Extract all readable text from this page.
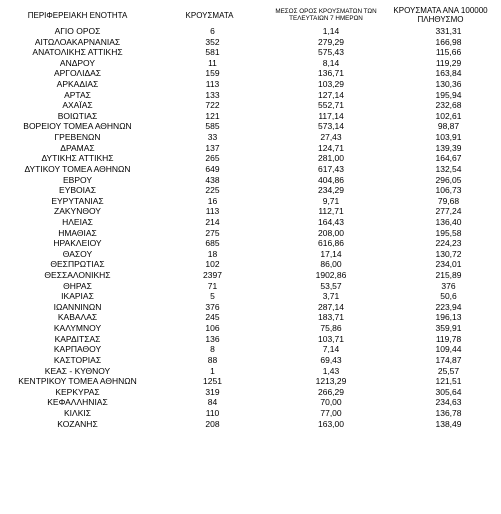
ΠΕΡΙΦΕΡΕΙΑΚΗ ΕΝΟΤΗΤΑ	ΚΡΟΥΣΜΑΤΑ	ΜΕΣΟΣ ΟΡΟΣ ΚΡΟΥΣΜΑΤΩΝ ΤΩΝ ΤΕΛΕΥΤΑΙΩΝ 7 ΗΜΕΡΩΝ	ΚΡΟΥΣΜΑΤΑ ΑΝΑ 100000 ΠΛΗΘΥΣΜΟ
ΑΓΙΟ ΟΡΟΣ	6	1,14	331,31
ΑΙΤΩΛΟΑΚΑΡΝΑΝΙΑΣ	352	279,29	166,98
ΑΝΑΤΟΛΙΚΗΣ ΑΤΤΙΚΗΣ	581	575,43	115,66
ΑΝΔΡΟΥ	11	8,14	119,29
ΑΡΓΟΛΙΔΑΣ	159	136,71	163,84
ΑΡΚΑΔΙΑΣ	113	103,29	130,36
ΑΡΤΑΣ	133	127,14	195,94
ΑΧΑΪΑΣ	722	552,71	232,68
ΒΟΙΩΤΙΑΣ	121	117,14	102,61
ΒΟΡΕΙΟΥ ΤΟΜΕΑ ΑΘΗΝΩΝ	585	573,14	98,87
ΓΡΕΒΕΝΩΝ	33	27,43	103,91
ΔΡΑΜΑΣ	137	124,71	139,39
ΔΥΤΙΚΗΣ ΑΤΤΙΚΗΣ	265	281,00	164,67
ΔΥΤΙΚΟΥ ΤΟΜΕΑ ΑΘΗΝΩΝ	649	617,43	132,54
ΕΒΡΟΥ	438	404,86	296,05
ΕΥΒΟΙΑΣ	225	234,29	106,73
ΕΥΡΥΤΑΝΙΑΣ	16	9,71	79,68
ΖΑΚΥΝΘΟΥ	113	112,71	277,24
ΗΛΕΙΑΣ	214	164,43	136,40
ΗΜΑΘΙΑΣ	275	208,00	195,58
ΗΡΑΚΛΕΙΟΥ	685	616,86	224,23
ΘΑΣΟΥ	18	17,14	130,72
ΘΕΣΠΡΩΤΙΑΣ	102	86,00	234,01
ΘΕΣΣΑΛΟΝΙΚΗΣ	2397	1902,86	215,89
ΘΗΡΑΣ	71	53,57	376
ΙΚΑΡΙΑΣ	5	3,71	50,6
ΙΩΑΝΝΙΝΩΝ	376	287,14	223,94
ΚΑΒΑΛΑΣ	245	183,71	196,13
ΚΑΛΥΜΝΟΥ	106	75,86	359,91
ΚΑΡΔΙΤΣΑΣ	136	103,71	119,78
ΚΑΡΠΑΘΟΥ	8	7,14	109,44
ΚΑΣΤΟΡΙΑΣ	88	69,43	174,87
ΚΕΑΣ - ΚΥΘΝΟΥ	1	1,43	25,57
ΚΕΝΤΡΙΚΟΥ ΤΟΜΕΑ ΑΘΗΝΩΝ	1251	1213,29	121,51
ΚΕΡΚΥΡΑΣ	319	266,29	305,64
ΚΕΦΑΛΛΗΝΙΑΣ	84	70,00	234,63
ΚΙΛΚΙΣ	110	77,00	136,78
ΚΟΖΑΝΗΣ	208	163,00	138,49
